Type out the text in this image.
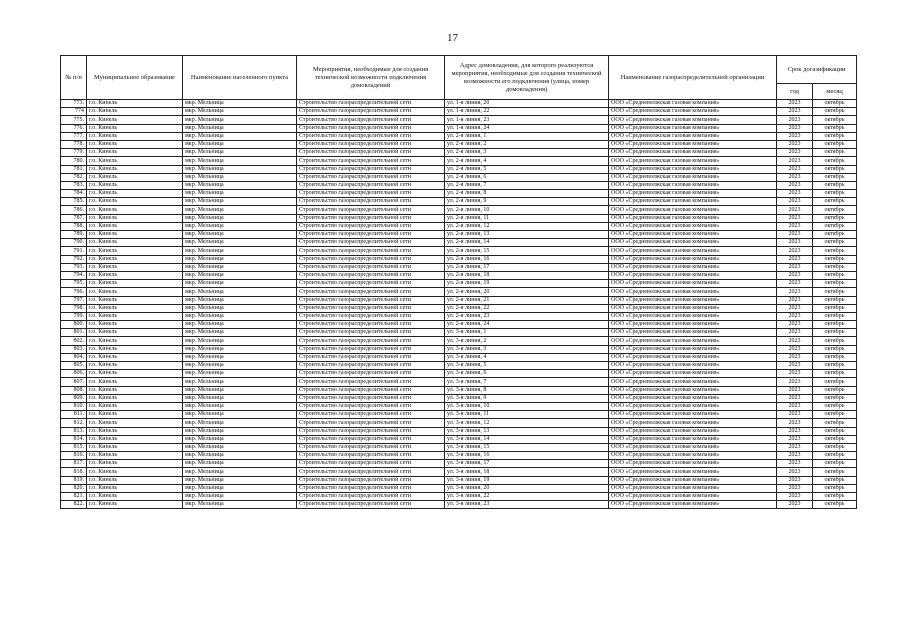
17
№ п/п	Муниципальное образование	Наименование населенного пункта	Мероприятия, необходимые для создания технической возможности подключения домовладений	Адрес домовладения, для которого реализуются мероприятия, необходимые для создания технической возможности его подключения (улица, номер домовладения)	Наименование газораспределительной организации	Срок догазификации	
						год	месяц
773.	г.о. Кинель	мкр. Мельница	Строительство газораспределительной сети	ул. 1-я линия, 20	ООО «Средневолжская газовая компания»	2023	октябрь
774	г.о. Кинель	мкр. Мельница	Строительство газораспределительной сети	ул. 1-я линия, 22	ООО «Средневолжская газовая компания»	2023	октябрь
775.	г.о. Кинель	мкр. Мельница	Строительство газораспределительной сети	ул. 1-я линия, 23	ООО «Средневолжская газовая компания»	2023	октябрь
776.	г.о. Кинель	мкр. Мельница	Строительство газораспределительной сети	ул. 1-я линия, 24	ООО «Средневолжская газовая компания»	2023	октябрь
777.	г.о. Кинель	мкр. Мельница	Строительство газораспределительной сети	ул. 2-я линия, 1	ООО «Средневолжская газовая компания»	2023	октябрь
778.	г.о. Кинель	мкр. Мельница	Строительство газораспределительной сети	ул. 2-я линия, 2	ООО «Средневолжская газовая компания»	2023	октябрь
779.	г.о. Кинель	мкр. Мельница	Строительство газораспределительной сети	ул. 2-я линия, 3	ООО «Средневолжская газовая компания»	2023	октябрь
780.	г.о. Кинель	мкр. Мельница	Строительство газораспределительной сети	ул. 2-я линия, 4	ООО «Средневолжская газовая компания»	2023	октябрь
781.	г.о. Кинель	мкр. Мельница	Строительство газораспределительной сети	ул. 2-я линия, 5	ООО «Средневолжская газовая компания»	2023	октябрь
782.	г.о. Кинель	мкр. Мельница	Строительство газораспределительной сети	ул. 2-я линия, 6	ООО «Средневолжская газовая компания»	2023	октябрь
783.	г.о. Кинель	мкр. Мельница	Строительство газораспределительной сети	ул. 2-я линия, 7	ООО «Средневолжская газовая компания»	2023	октябрь
784.	г.о. Кинель	мкр. Мельница	Строительство газораспределительной сети	ул. 2-я линия, 8	ООО «Средневолжская газовая компания»	2023	октябрь
785.	г.о. Кинель	мкр. Мельница	Строительство газораспределительной сети	ул. 2-я линия, 9	ООО «Средневолжская газовая компания»	2023	октябрь
786.	г.о. Кинель	мкр. Мельница	Строительство газораспределительной сети	ул. 2-я линия, 10	ООО «Средневолжская газовая компания»	2023	октябрь
787.	г.о. Кинель	мкр. Мельница	Строительство газораспределительной сети	ул. 2-я линия, 11	ООО «Средневолжская газовая компания»	2023	октябрь
788.	г.о. Кинель	мкр. Мельница	Строительство газораспределительной сети	ул. 2-я линия, 12	ООО «Средневолжская газовая компания»	2023	октябрь
789.	г.о. Кинель	мкр. Мельница	Строительство газораспределительной сети	ул. 2-я линия, 13	ООО «Средневолжская газовая компания»	2023	октябрь
790.	г.о. Кинель	мкр. Мельница	Строительство газораспределительной сети	ул. 2-я линия, 14	ООО «Средневолжская газовая компания»	2023	октябрь
791.	г.о. Кинель	мкр. Мельница	Строительство газораспределительной сети	ул. 2-я линия, 15	ООО «Средневолжская газовая компания»	2023	октябрь
792.	г.о. Кинель	мкр. Мельница	Строительство газораспределительной сети	ул. 2-я линия, 16	ООО «Средневолжская газовая компания»	2023	октябрь
793.	г.о. Кинель	мкр. Мельница	Строительство газораспределительной сети	ул. 2-я линия, 17	ООО «Средневолжская газовая компания»	2023	октябрь
794.	г.о. Кинель	мкр. Мельница	Строительство газораспределительной сети	ул. 2-я линия, 18	ООО «Средневолжская газовая компания»	2023	октябрь
795.	г.о. Кинель	мкр. Мельница	Строительство газораспределительной сети	ул. 2-я линия, 19	ООО «Средневолжская газовая компания»	2023	октябрь
796.	г.о. Кинель	мкр. Мельница	Строительство газораспределительной сети	ул. 2-я линия, 20	ООО «Средневолжская газовая компания»	2023	октябрь
797.	г.о. Кинель	мкр. Мельница	Строительство газораспределительной сети	ул. 2-я линия, 21	ООО «Средневолжская газовая компания»	2023	октябрь
798.	г.о. Кинель	мкр. Мельница	Строительство газораспределительной сети	ул. 2-я линия, 22	ООО «Средневолжская газовая компания»	2023	октябрь
799.	г.о. Кинель	мкр. Мельница	Строительство газораспределительной сети	ул. 2-я линия, 23	ООО «Средневолжская газовая компания»	2023	октябрь
800.	г.о. Кинель	мкр. Мельница	Строительство газораспределительной сети	ул. 2-я линия, 24	ООО «Средневолжская газовая компания»	2023	октябрь
801.	г.о. Кинель	мкр. Мельница	Строительство газораспределительной сети	ул. 3-я линия, 1	ООО «Средневолжская газовая компания»	2023	октябрь
802.	г.о. Кинель	мкр. Мельница	Строительство газораспределительной сети	ул. 3-я линия, 2	ООО «Средневолжская газовая компания»	2023	октябрь
803.	г.о. Кинель	мкр. Мельница	Строительство газораспределительной сети	ул. 3-я линия, 3	ООО «Средневолжская газовая компания»	2023	октябрь
804.	г.о. Кинель	мкр. Мельница	Строительство газораспределительной сети	ул. 3-я линия, 4	ООО «Средневолжская газовая компания»	2023	октябрь
805.	г.о. Кинель	мкр. Мельница	Строительство газораспределительной сети	ул. 3-я линия, 5	ООО «Средневолжская газовая компания»	2023	октябрь
806.	г.о. Кинель	мкр. Мельница	Строительство газораспределительной сети	ул. 3-я линия, 6	ООО «Средневолжская газовая компания»	2023	октябрь
807.	г.о. Кинель	мкр. Мельница	Строительство газораспределительной сети	ул. 3-я линия, 7	ООО «Средневолжская газовая компания»	2023	октябрь
808.	г.о. Кинель	мкр. Мельница	Строительство газораспределительной сети	ул. 3-я линия, 8	ООО «Средневолжская газовая компания»	2023	октябрь
809.	г.о. Кинель	мкр. Мельница	Строительство газораспределительной сети	ул. 3-я линия, 9	ООО «Средневолжская газовая компания»	2023	октябрь
810.	г.о. Кинель	мкр. Мельница	Строительство газораспределительной сети	ул. 3-я линия, 10	ООО «Средневолжская газовая компания»	2023	октябрь
811.	г.о. Кинель	мкр. Мельница	Строительство газораспределительной сети	ул. 3-я линия, 11	ООО «Средневолжская газовая компания»	2023	октябрь
812.	г.о. Кинель	мкр. Мельница	Строительство газораспределительной сети	ул. 3-я линия, 12	ООО «Средневолжская газовая компания»	2023	октябрь
813.	г.о. Кинель	мкр. Мельница	Строительство газораспределительной сети	ул. 3-я линия, 13	ООО «Средневолжская газовая компания»	2023	октябрь
814.	г.о. Кинель	мкр. Мельница	Строительство газораспределительной сети	ул. 3-я линия, 14	ООО «Средневолжская газовая компания»	2023	октябрь
815.	г.о. Кинель	мкр. Мельница	Строительство газораспределительной сети	ул. 3-я линия, 15	ООО «Средневолжская газовая компания»	2023	октябрь
816.	г.о. Кинель	мкр. Мельница	Строительство газораспределительной сети	ул. 3-я линия, 16	ООО «Средневолжская газовая компания»	2023	октябрь
817.	г.о. Кинель	мкр. Мельница	Строительство газораспределительной сети	ул. 3-я линия, 17	ООО «Средневолжская газовая компания»	2023	октябрь
818.	г.о. Кинель	мкр. Мельница	Строительство газораспределительной сети	ул. 3-я линия, 18	ООО «Средневолжская газовая компания»	2023	октябрь
819.	г.о. Кинель	мкр. Мельница	Строительство газораспределительной сети	ул. 3-я линия, 19	ООО «Средневолжская газовая компания»	2023	октябрь
820.	г.о. Кинель	мкр. Мельница	Строительство газораспределительной сети	ул. 3-я линия, 20	ООО «Средневолжская газовая компания»	2023	октябрь
821.	г.о. Кинель	мкр. Мельница	Строительство газораспределительной сети	ул. 3-я линия, 22	ООО «Средневолжская газовая компания»	2023	октябрь
822.	г.о. Кинель	мкр. Мельница	Строительство газораспределительной сети	ул. 3-я линия, 23	ООО «Средневолжская газовая компания»	2023	октябрь
